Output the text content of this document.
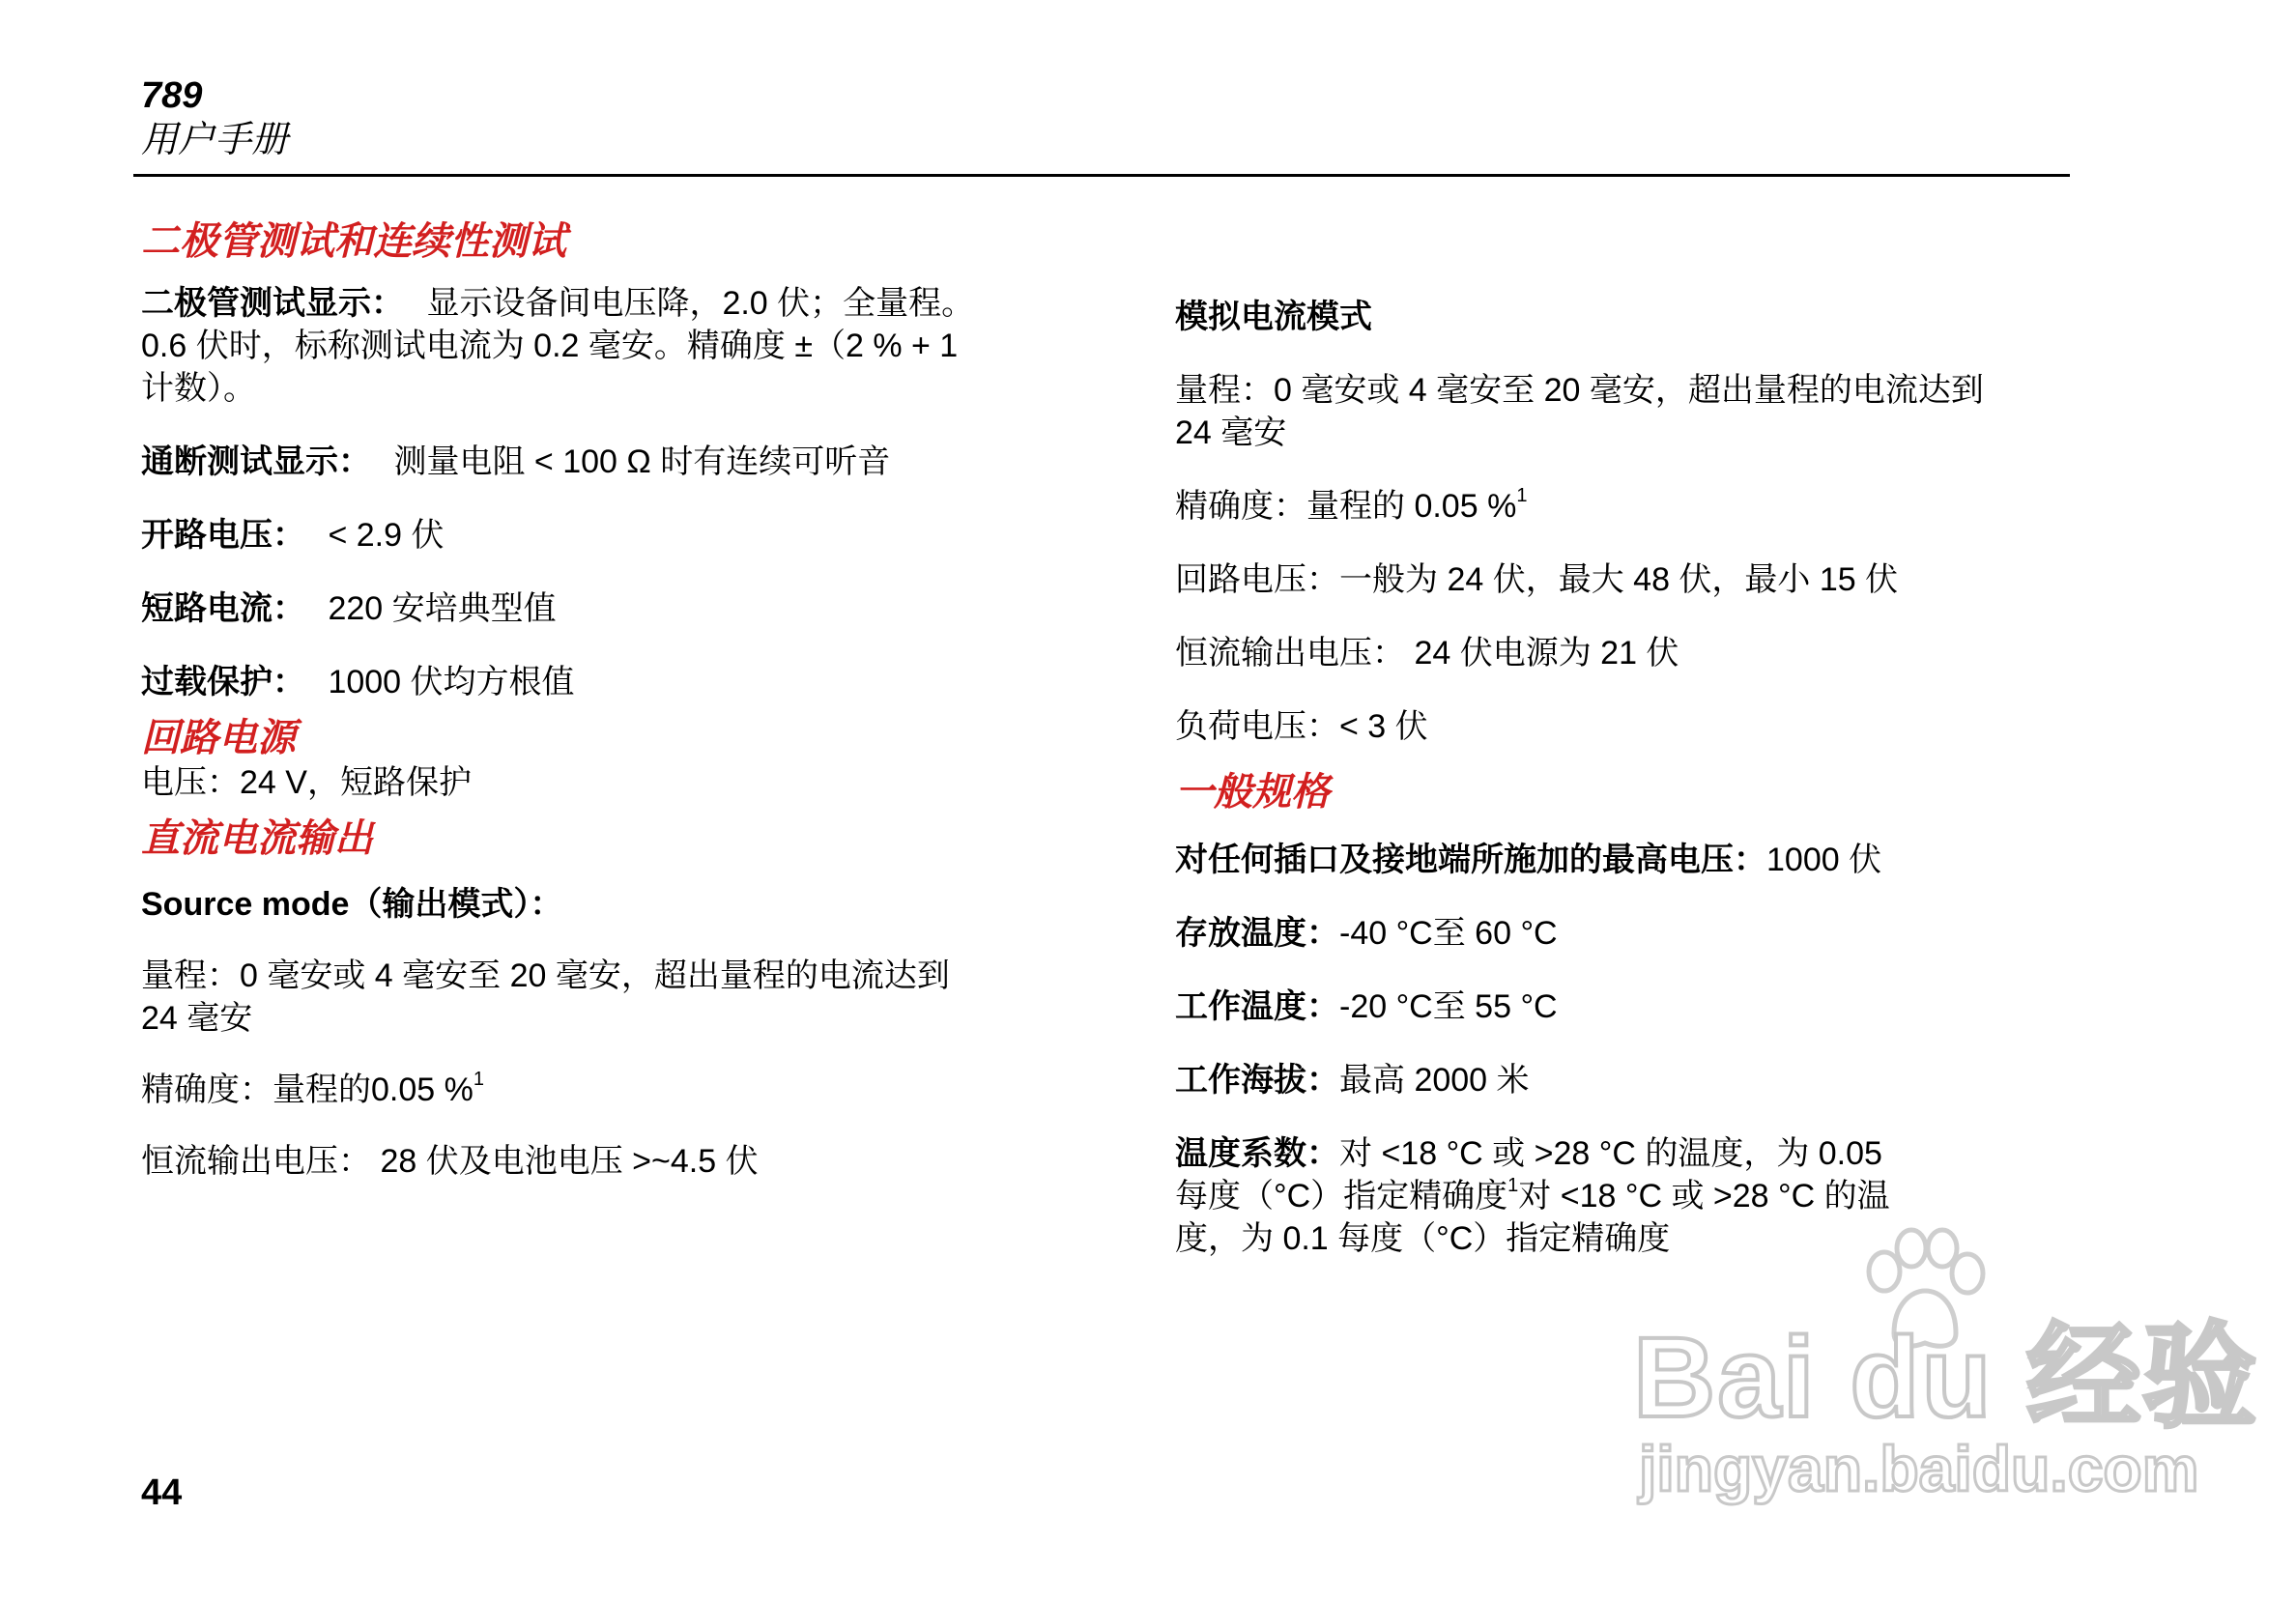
789
用户手册
二极管测试和连续性测试
二极管测试显示： 显示设备间电压降，2.0 伏；全量程。
0.6 伏时，标称测试电流为 0.2 毫安。精确度 ±（2 % + 1
计数）。
通断测试显示： 测量电阻 < 100 Ω 时有连续可听音
开路电压： < 2.9 伏
短路电流： 220 安培典型值
过载保护： 1000 伏均方根值
回路电源
电压：24 V，短路保护
直流电流输出
Source mode（输出模式）：
量程：0 毫安或 4 毫安至 20 毫安，超出量程的电流达到
24 毫安
精确度：量程的0.05 %$^1$
恒流输出电压： 28 伏及电池电压 >~4.5 伏
模拟电流模式
量程：0 毫安或 4 毫安至 20 毫安，超出量程的电流达到
24 毫安
精确度：量程的 0.05 %$^1$
回路电压：一般为 24 伏，最大 48 伏，最小 15 伏
恒流输出电压： 24 伏电源为 21 伏
负荷电压：< 3 伏
一般规格
对任何插口及接地端所施加的最高电压：1000 伏
存放温度：-40 °C至 60 °C
工作温度：-20 °C至 55 °C
工作海拔：最高 2000 米
温度系数：对 <18 °C 或 >28 °C 的温度，为 0.05
每度（°C）指定精确度$^1$对 <18 °C 或 >28 °C 的温
度，为 0.1 每度（°C）指定精确度
44
Bai du 经验
jingyan.baidu.com
